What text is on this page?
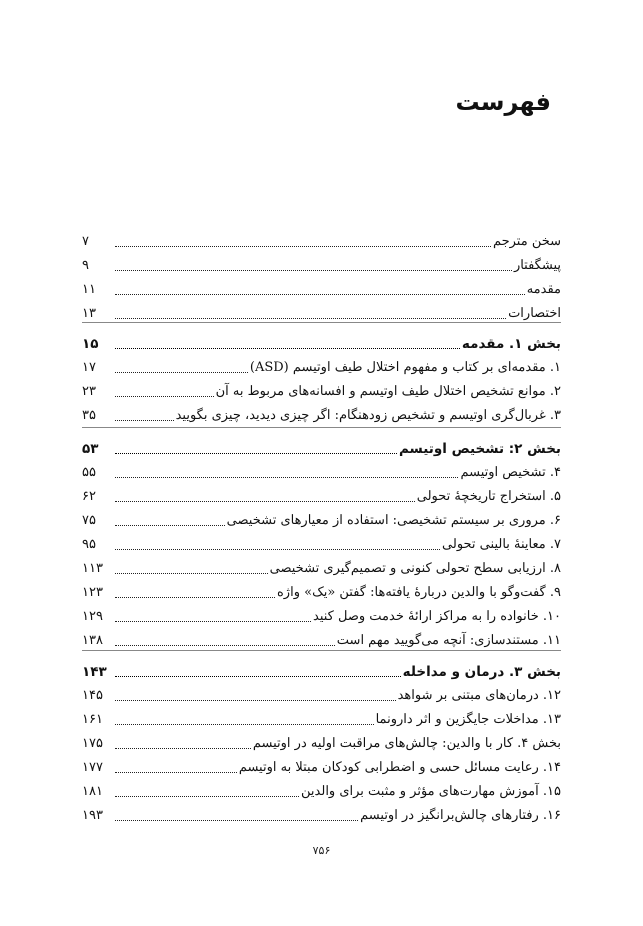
فهرست
سخن مترجم
۷
پیشگفتار
۹
مقدمه
۱۱
اختصارات
۱۳
بخش ۱. مقدمه
۱۵
۱. مقدمه‌ای بر کتاب و مفهوم اختلال طیف اوتیسم (ASD)
۱۷
۲. موانع تشخیص اختلال طیف اوتیسم و افسانه‌های مربوط به آن
۲۳
۳. غربال‌گری اوتیسم و تشخیص زودهنگام: اگر چیزی دیدید، چیزی بگویید
۳۵
بخش ۲: تشخیص اوتیسم
۵۳
۴. تشخیص اوتیسم
۵۵
۵. استخراج تاریخچهٔ تحولی
۶۲
۶. مروری بر سیستم تشخیصی: استفاده از معیارهای تشخیصی
۷۵
۷. معاینهٔ بالینی تحولی
۹۵
۸. ارزیابی سطح تحولی کنونی و تصمیم‌گیری تشخیصی
۱۱۳
۹. گفت‌وگو با والدین دربارهٔ یافته‌ها: گفتن «یک» واژه
۱۲۳
۱۰. خانواده را به مراکز ارائهٔ خدمت وصل کنید
۱۲۹
۱۱. مستندسازی: آنچه می‌گویید مهم است
۱۳۸
بخش ۳. درمان و مداخله
۱۴۳
۱۲. درمان‌های مبتنی بر شواهد
۱۴۵
۱۳. مداخلات جایگزین و اثر دارونما
۱۶۱
بخش ۴. کار با والدین: چالش‌های مراقبت اولیه در اوتیسم
۱۷۵
۱۴. رعایت مسائل حسی و اضطرابی کودکان مبتلا به اوتیسم
۱۷۷
۱۵. آموزش مهارت‌های مؤثر و مثبت برای والدین
۱۸۱
۱۶. رفتارهای چالش‌برانگیز در اوتیسم
۱۹۳
۷۵۶
